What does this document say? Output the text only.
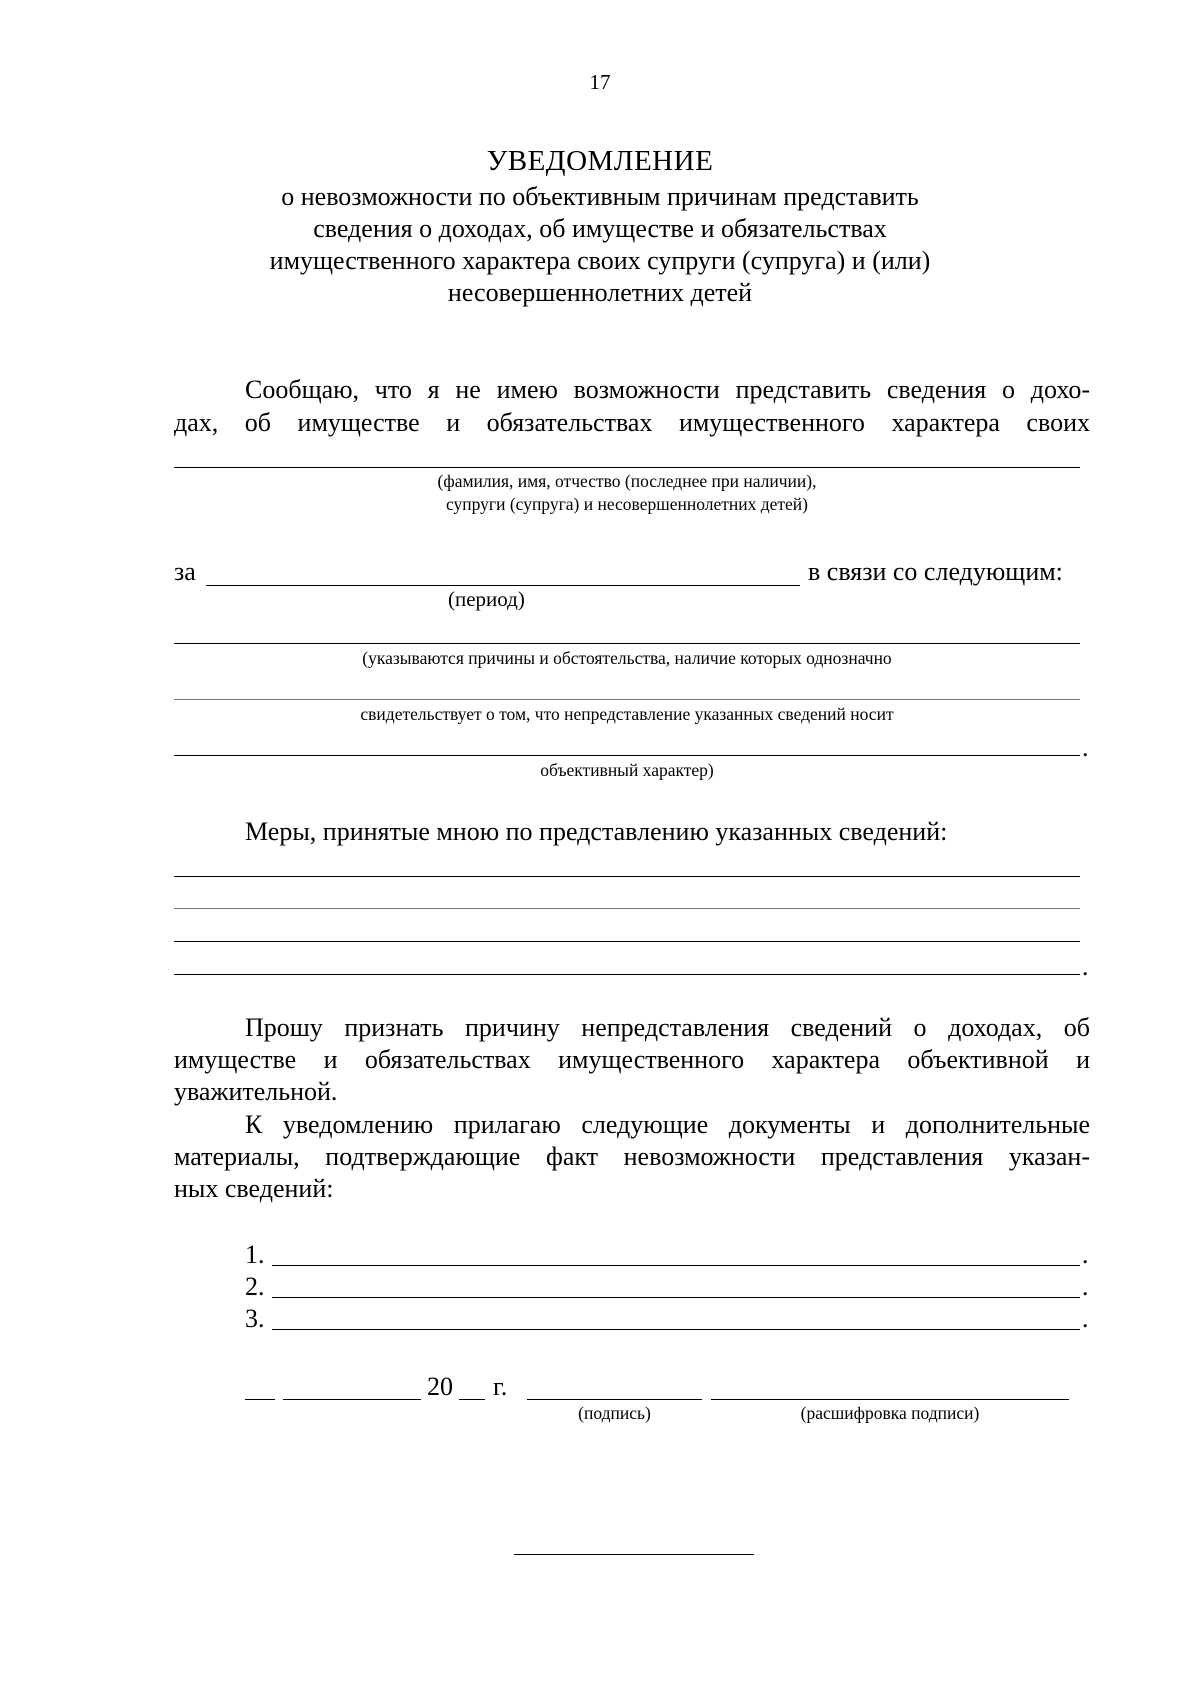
17
УВЕДОМЛЕНИЕ
о невозможности по объективным причинам представить
сведения о доходах, об имуществе и обязательствах
имущественного характера своих супруги (супруга) и (или)
несовершеннолетних детей
Сообщаю, что я не имею возможности представить сведения о дохо-
дах, об имуществе и обязательствах имущественного характера своих
(фамилия, имя, отчество (последнее при наличии),
супруги (супруга) и несовершеннолетних детей)
за	в связи со следующим:
(период)
(указываются причины и обстоятельства, наличие которых однозначно
свидетельствует о том, что непредставление указанных сведений носит
.
объективный характер)
Меры, принятые мною по представлению указанных сведений:
.
Прошу признать причину непредставления сведений о доходах, об
имуществе и обязательствах имущественного характера объективной и
уважительной.
К уведомлению прилагаю следующие документы и дополнительные
материалы, подтверждающие факт невозможности представления указан-
ных сведений:
1.	.
2.	.
3.	.
20 г.
(подпись)	(расшифровка подписи)
